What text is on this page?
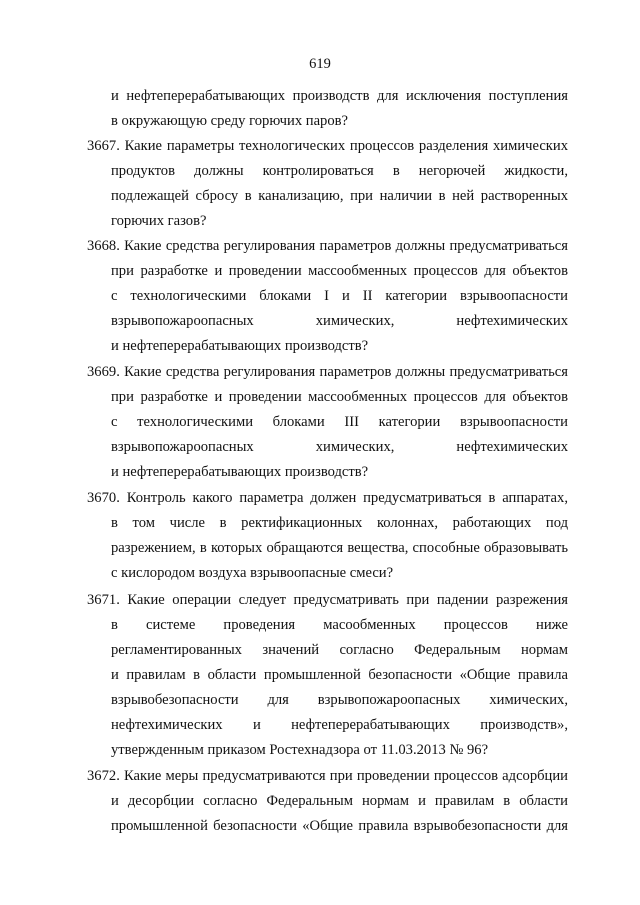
619
и нефтеперерабатывающих производств для исключения поступления
в окружающую среду горючих паров?
3667. Какие параметры технологических процессов разделения химических
продуктов должны контролироваться в негорючей жидкости,
подлежащей сбросу в канализацию, при наличии в ней растворенных
горючих газов?
3668. Какие средства регулирования параметров должны предусматриваться
при разработке и проведении массообменных процессов для объектов
с технологическими блоками I и II категории взрывоопасности
взрывопожароопасных химических, нефтехимических
и нефтеперерабатывающих производств?
3669. Какие средства регулирования параметров должны предусматриваться
при разработке и проведении массообменных процессов для объектов
с технологическими блоками III категории взрывоопасности
взрывопожароопасных химических, нефтехимических
и нефтеперерабатывающих производств?
3670. Контроль какого параметра должен предусматриваться в аппаратах,
в том числе в ректификационных колоннах, работающих под
разрежением, в которых обращаются вещества, способные образовывать
с кислородом воздуха взрывоопасные смеси?
3671. Какие операции следует предусматривать при падении разрежения
в системе проведения масообменных процессов ниже
регламентированных значений согласно Федеральным нормам
и правилам в области промышленной безопасности «Общие правила
взрывобезопасности для взрывопожароопасных химических,
нефтехимических и нефтеперерабатывающих производств»,
утвержденным приказом Ростехнадзора от 11.03.2013 № 96?
3672. Какие меры предусматриваются при проведении процессов адсорбции
и десорбции согласно Федеральным нормам и правилам в области
промышленной безопасности «Общие правила взрывобезопасности для
